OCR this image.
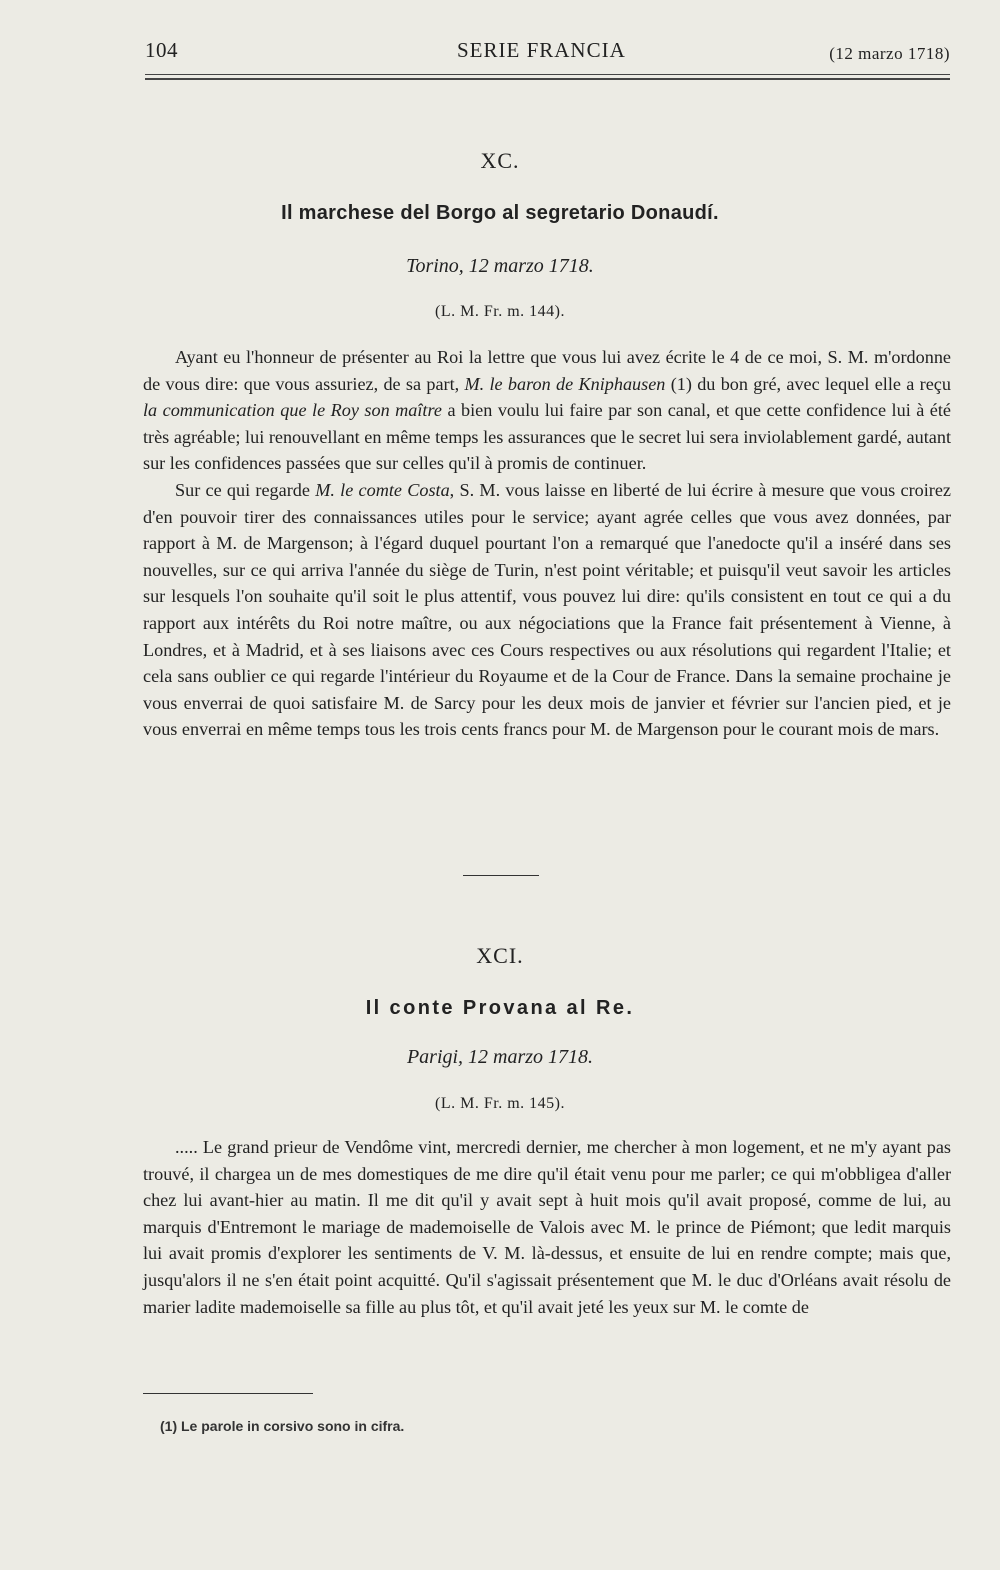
104	SERIE FRANCIA	(12 marzo 1718)
XC.
Il marchese del Borgo al segretario Donaudí.
Torino, 12 marzo 1718.
(L. M. Fr. m. 144).

Ayant eu l'honneur de présenter au Roi la lettre que vous lui avez écrite le 4 de ce moi, S. M. m'ordonne de vous dire: que vous assuriez, de sa part, M. le baron de Kniphausen (1) du bon gré, avec lequel elle a reçu la communication que le Roy son maître a bien voulu lui faire par son canal, et que cette confidence lui à été très agréable; lui renouvellant en même temps les assurances que le secret lui sera inviolablement gardé, autant sur les confidences passées que sur celles qu'il à promis de continuer.

Sur ce qui regarde M. le comte Costa, S. M. vous laisse en liberté de lui écrire à mesure que vous croirez d'en pouvoir tirer des connaissances utiles pour le service; ayant agrée celles que vous avez données, par rapport à M. de Margenson; à l'égard duquel pourtant l'on a remarqué que l'anedocte qu'il a inséré dans ses nouvelles, sur ce qui arriva l'année du siège de Turin, n'est point véritable; et puisqu'il veut savoir les articles sur lesquels l'on souhaite qu'il soit le plus attentif, vous pouvez lui dire: qu'ils consistent en tout ce qui a du rapport aux intérêts du Roi notre maître, ou aux négociations que la France fait présentement à Vienne, à Londres, et à Madrid, et à ses liaisons avec ces Cours respectives ou aux résolutions qui regardent l'Italie; et cela sans oublier ce qui regarde l'intérieur du Royaume et de la Cour de France. Dans la semaine prochaine je vous enverrai de quoi satisfaire M. de Sarcy pour les deux mois de janvier et février sur l'ancien pied, et je vous enverrai en même temps tous les trois cents francs pour M. de Margenson pour le courant mois de mars.

XCI.
Il conte Provana al Re.
Parigi, 12 marzo 1718.
(L. M. Fr. m. 145).

..... Le grand prieur de Vendôme vint, mercredi dernier, me chercher à mon logement, et ne m'y ayant pas trouvé, il chargea un de mes domestiques de me dire qu'il était venu pour me parler; ce qui m'obbligea d'aller chez lui avant-hier au matin. Il me dit qu'il y avait sept à huit mois qu'il avait proposé, comme de lui, au marquis d'Entremont le mariage de mademoiselle de Valois avec M. le prince de Piémont; que ledit marquis lui avait promis d'explorer les sentiments de V. M. là-dessus, et ensuite de lui en rendre compte; mais que, jusqu'alors il ne s'en était point acquitté. Qu'il s'agissait présentement que M. le duc d'Orléans avait résolu de marier ladite mademoiselle sa fille au plus tôt, et qu'il avait jeté les yeux sur M. le comte de

(1) Le parole in corsivo sono in cifra.
